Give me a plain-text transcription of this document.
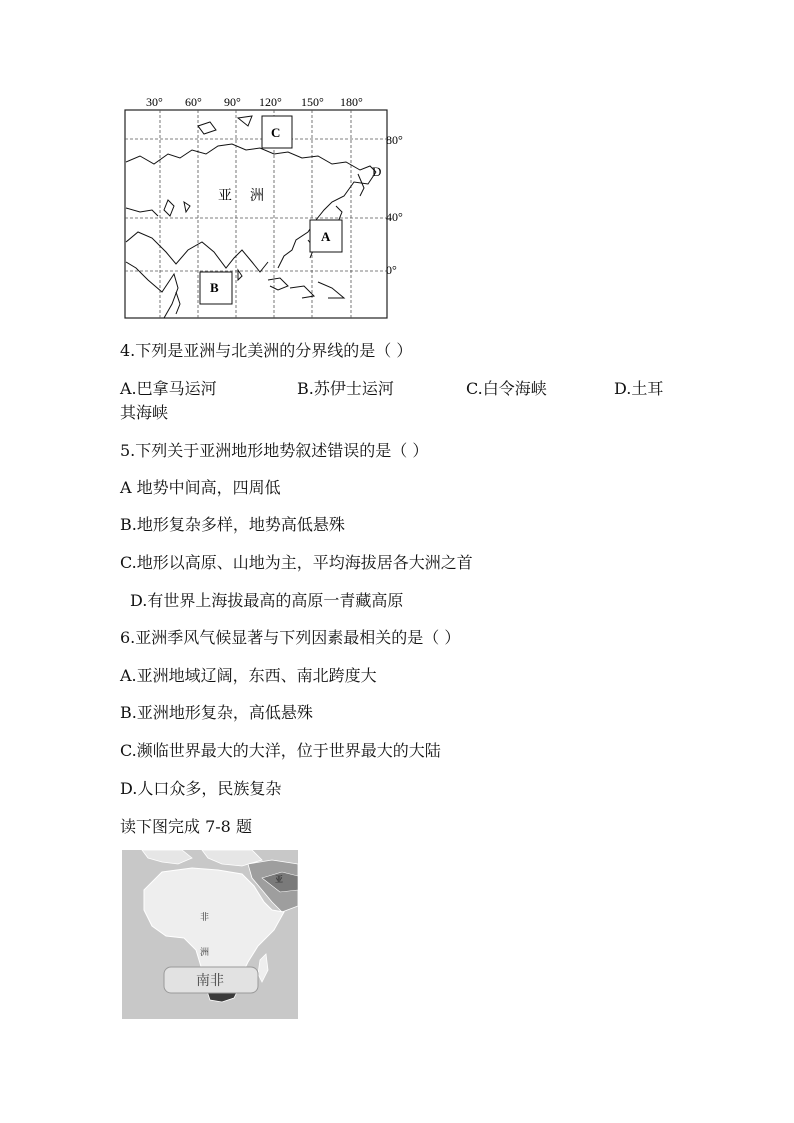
30° 60° 90° 120° 150° 180°
80°
40°
0°
亚 洲
C
A
B
D
4.下列是亚洲与北美洲的分界线的是（ ）
A.巴拿马运河	B.苏伊士运河	C.白令海峡	D.土耳
其海峡
5.下列关于亚洲地形地势叙述错误的是（ ）
A 地势中间高，四周低
B.地形复杂多样，地势高低悬殊
C.地形以高原、山地为主，平均海拔居各大洲之首
D.有世界上海拔最高的高原一青藏高原
6.亚洲季风气候显著与下列因素最相关的是（ ）
A.亚洲地域辽阔，东西、南北跨度大
B.亚洲地形复杂，高低悬殊
C.濒临世界最大的大洋，位于世界最大的大陆
D.人口众多，民族复杂
读下图完成 7-8 题
非
洲
亚
南非
